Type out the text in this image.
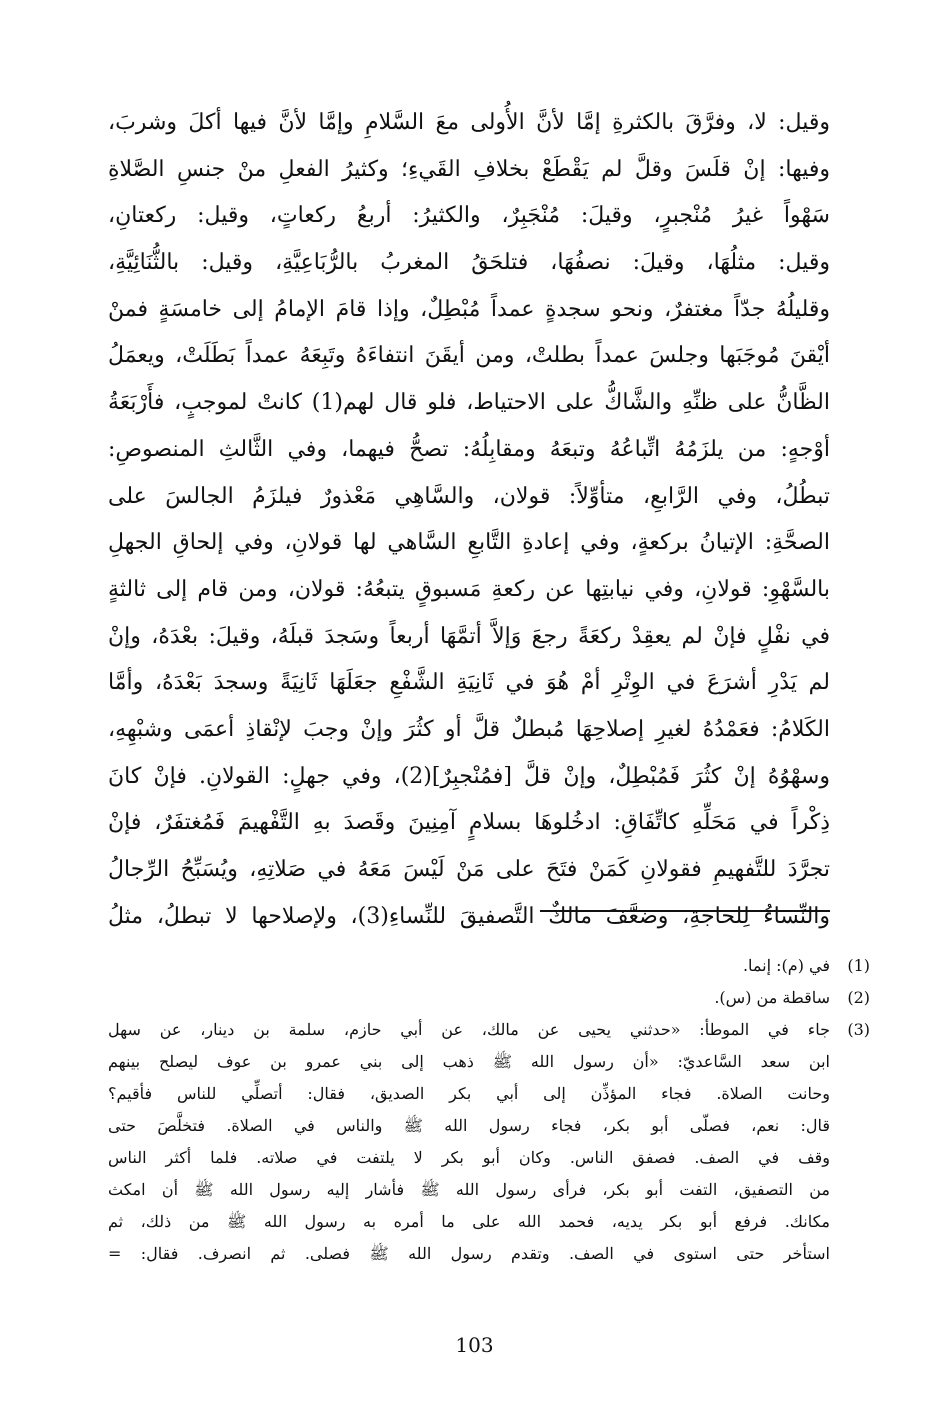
وقيل: لا، وفرَّقَ بالكثرةِ إمَّا لأنَّ الأُولى معَ السَّلامِ وإمَّا لأنَّ فيها أكلَ وشربَ،
وفيها: إنْ قلَسَ وقلَّ لم يَقْطَعْ بخلافِ القَيءِ؛ وكثيرُ الفعلِ منْ جنسِ الصَّلاةِ
سَهْواً غيرُ مُنْجبرٍ، وقيلَ: مُنْجَبِرٌ، والكثيرُ: أربعُ ركعاتٍ، وقيل: ركعتانِ،
وقيل: مثلُهَا، وقيلَ: نصفُهَا، فتلحَقُ المغربُ بالرُّبَاعِيَّةِ، وقيل: بالثُّنَائِيَّةِ،
وقليلُهُ جدّاً مغتفرٌ، ونحو سجدةٍ عمداً مُبْطِلٌ، وإذا قامَ الإمامُ إلى خامسَةٍ فمنْ
أيْقنَ مُوجَبَها وجلسَ عمداً بطلتْ، ومن أيقَنَ انتفاءَهُ وتَبِعَهُ عمداً بَطَلَتْ، ويعمَلُ
الظَّانُّ على ظنِّهِ والشَّاكُّ على الاحتياط، فلو قال لهم(1) كانتْ لموجبٍ، فأَرْبَعَةُ
أوْجهٍ: من يلزَمُهُ اتِّباعُهُ وتبعَهُ ومقابِلُهُ: تصحُّ فيهما، وفي الثَّالثِ المنصوصِ:
تبطُلُ، وفي الرَّابعِ، متأوِّلاً: قولان، والسَّاهِي مَعْذورٌ فيلزَمُ الجالسَ على
الصحَّةِ: الإتيانُ بركعةٍ، وفي إعادةِ التَّابعِ السَّاهي لها قولانِ، وفي إلحاقِ الجهلِ
بالسَّهْوِ: قولانِ، وفي نيابتِها عن ركعةِ مَسبوقٍ يتبعُهُ: قولان، ومن قام إلى ثالثةٍ
في نفْلٍ فإنْ لم يعقِدْ ركعَةً رجعَ وَإلاَّ أتمَّهَا أربعاً وسَجدَ قبلَهُ، وقيلَ: بعْدَهُ، وإنْ
لم يَدْرِ أشرَعَ في الوِتْرِ أمْ هُوَ في ثَانِيَةِ الشَّفْعِ جعَلَهَا ثَانِيَةً وسجدَ بَعْدَهُ، وأمَّا
الكَلامُ: فعَمْدُهُ لغيرِ إصلاحِهَا مُبطلٌ قلَّ أو كثُرَ وإنْ وجبَ لإنْقاذِ أعمَى وشبْهِهِ،
وسهْوُهُ إنْ كثُرَ فَمُبْطِلٌ، وإنْ قلَّ [فمُنْجبِرٌ](2)، وفي جهلٍ: القولانِ. فإنْ كانَ
ذِكْراً في مَحَلِّهِ كاتِّفَاقِ: ادخُلوهَا بسلامٍ آمِنِينَ وقَصدَ بهِ التَّفْهيمَ فَمُغتفَرٌ، فإنْ
تجرَّدَ للتَّفهيمِ فقولانِ كَمَنْ فتَحَ على مَنْ لَيْسَ مَعَهُ في صَلاتِهِ، ويُسَبِّحُ الرِّجالُ
والنِّساءُ لِلحاجةِ، وضعَّفَ مالكٌ التَّصفيقَ للنِّساءِ(3)، ولإصلاحها لا تبطلُ، مثلُ
(1)
في (م): إنما.
(2)
ساقطة من (س).
(3)
جاء في الموطأ: «حدثني يحيى عن مالك، عن أبي حازم، سلمة بن دينار، عن سهل
ابن سعد السَّاعديّ: «أن رسول الله ﷺ ذهب إلى بني عمرو بن عوف ليصلح بينهم
وحانت الصلاة. فجاء المؤذِّن إلى أبي بكر الصديق، فقال: أتصلِّي للناس فأقيم؟
قال: نعم، فصلّى أبو بكر، فجاء رسول الله ﷺ والناس في الصلاة. فتخلَّصَ حتى
وقف في الصف. فصفق الناس. وكان أبو بكر لا يلتفت في صلاته. فلما أكثر الناس
من التصفيق، التفت أبو بكر، فرأى رسول الله ﷺ فأشار إليه رسول الله ﷺ أن امكث
مكانك. فرفع أبو بكر يديه، فحمد الله على ما أمره به رسول الله ﷺ من ذلك، ثم
استأخر حتى استوى في الصف. وتقدم رسول الله ﷺ فصلى. ثم انصرف. فقال: =
103
